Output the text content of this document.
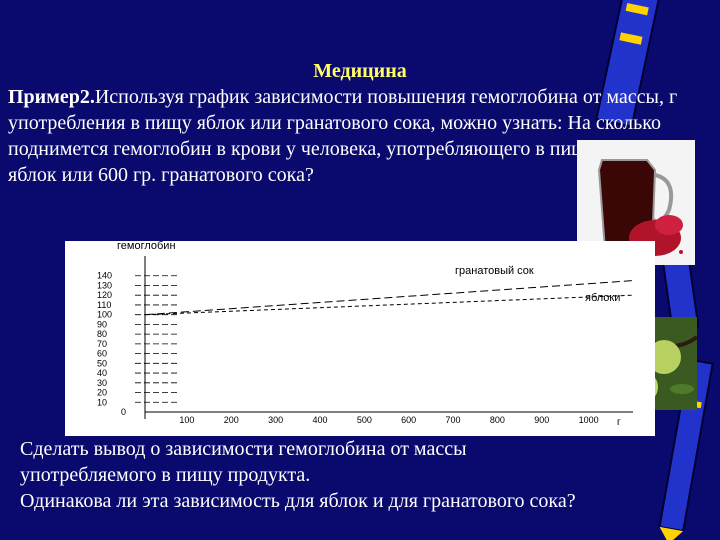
Медицина
Пример2.Используя график зависимости повышения гемоглобина от массы, г употребления в пищу яблок или гранатового сока, можно узнать: На сколько поднимется гемоглобин в крови у человека, употребляющего в пищу 600 гр. яблок или 600 гр. гранатового сока?
0
10
20
30
40
50
60
70
80
90
100
110
120
130
140
100	200	300	400	500	600	700	800	900	1000
гемоглобин
г
гранатовый сок
яблоки
Сделать вывод о зависимости гемоглобина от массы
употребляемого в пищу продукта.
Одинакова ли эта зависимость для яблок и для гранатового сока?
